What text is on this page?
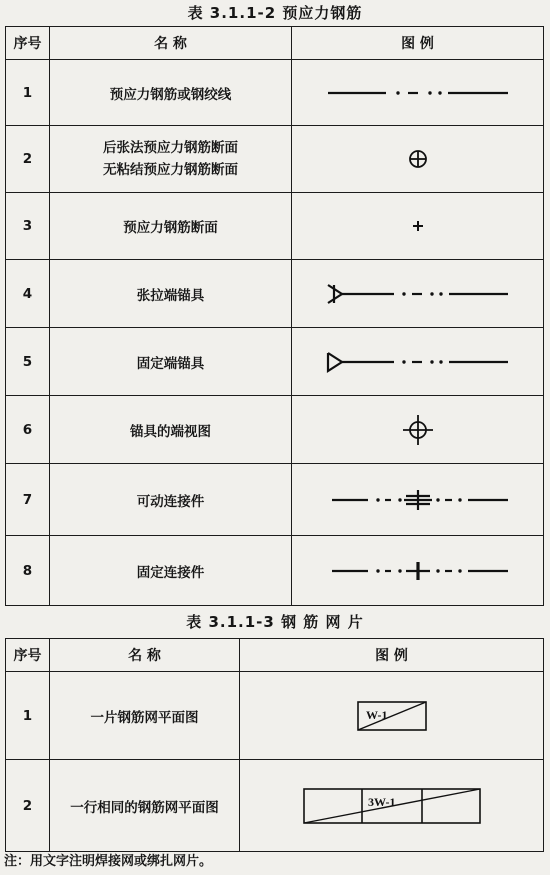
表 3.1.1-2 预应力钢筋
序号	名 称	图 例
1	预应力钢筋或钢绞线	

2	后张法预应力钢筋断面
无粘结预应力钢筋断面	

3	预应力钢筋断面	

4	张拉端锚具	

5	固定端锚具	

6	锚具的端视图	

7	可动连接件	

8	固定连接件	
表 3.1.1-3 钢 筋 网 片
序号	名 称	图 例
1	一片钢筋网平面图	W-1

2	一行相同的钢筋网平面图	3W-1
注：用文字注明焊接网或绑扎网片。
